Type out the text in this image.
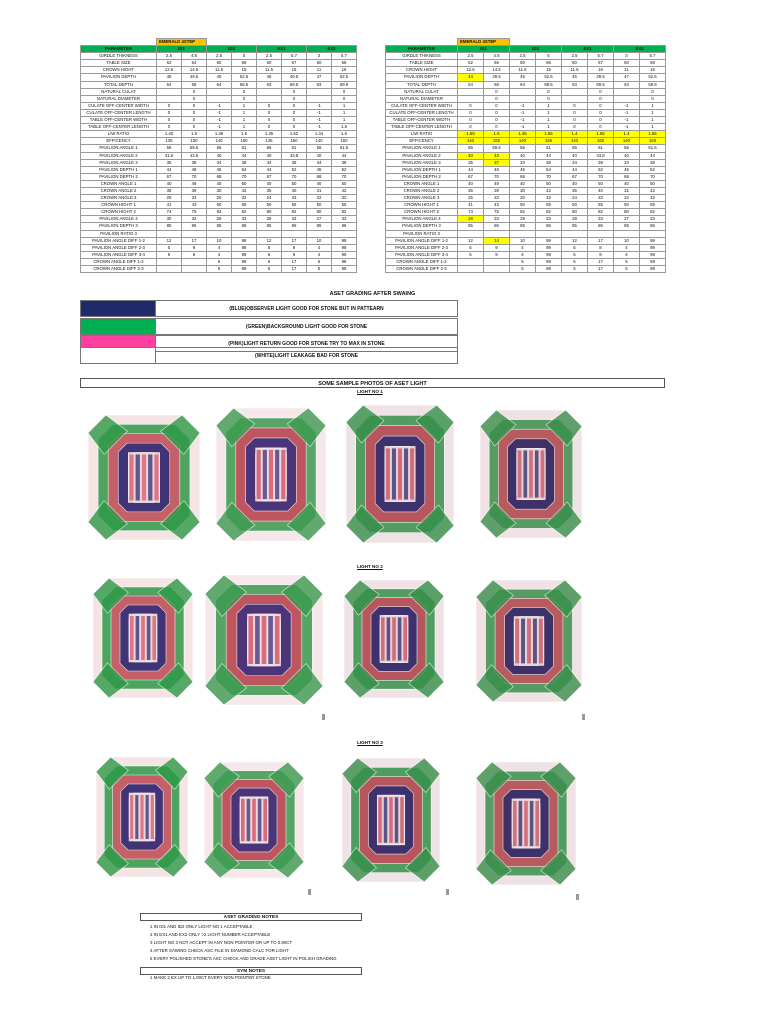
	EMERALD 4STEP							
PARAMETER	ID1		ID2		EX1		EX2	
GIRDLE THIKNESS	2.5	4.5	2.5	5	2.5	5.7	3	5.7
TABLE SIZE	62	64	60	66	60	67	60	68
CROWN HIGHT	12.5	14.5	11.5	15	11.5	16	11	16
PAVILION DEPTH	45	49.5	45	52.5	45	49.5	47	52.5
TOTAL DEPTH	64	68	64	68.5	63	69.5	63	69.9
NATURAL CULAT		0		0		0		0
NATURAL DIAMETER		0		0		0		0
CULATE OFF-CENTER WIDTH	0	0	-1	1	0	0	-1	1
CULATE OFF-CENTER LENGTH	0	0	-1	1	0	0	-1	1
TABLE OFF-CENTER WIDTH	0	0	-1	1	0	0	-1	1
TABLE OFF-CENTER LENGTH	0	0	-1	1	0	0	-1	1.5
L\W RATIO	1.40	1.5	1.36	1.5	1.35	1.52	1.34	1.5
EFFICENCY	135	150	140	160	135	150	140	160
PAVILION ANGLE 1	56	59.5	56	61	56	61	56	61.5
PAVILION ANGLE 2	41.5	43.5	40	44	40	43.8	40	44
PAVILION ANGLE 3	35	38	34	38	34	38	34	38
PAVILION DEPTH 1	44	48	45	54	44	52	45	52
PAVILION DEPTH 2	67	70	68	70	67	70	68	70
CROWN ANGLE 1	40	49	40	50	40	50	40	50
CROWN ANGLE 2	35	39	30	42	35	40	31	42
CROWN ANGLE 3	25	33	20	32	24	33	22	32
CROWN HIGHT 1	41	43	50	55	50	55	50	55
CROWN HIGHT 2	74	75	82	82	80	82	80	82
PAVILION ANGLE 4	30	32	28	33	28	33	27	33
PAVILION DEPTH 3	85	86	85	86	85	86	85	86
PAVILION RATIO 3								
PAVILION ANGLE DIFF 1-2	12	17	10	98	12	17	10	98
PAVILION ANGLE DIFF 2-3	5	9	4	98	5	8	4	98
PAVILION ANGLE DIFF 3-4	5	9	4	99	5	9	4	99
CROWN ANGLE DIFF 1-2			5	99	5	17	5	98
CROWN ANGLE DIFF 2-3			5	99	5	17	5	98
	EMERALD 4STEP							
PARAMETER	ID1		ID2		EX1		EX2	
GIRDLE THIKNESS	2.5	4.5	2.5	5	2.5	5.7	3	5.7
TABLE SIZE	62	66	60	66	60	67	60	68
CROWN HIGHT	12.5	14.5	11.5	15	11.5	16	11	16
PAVILION DEPTH	44	49.5	45	52.5	45	49.5	47	52.5
TOTAL DEPTH	64	68	64	68.5	63	69.5	63	69.9
NATURAL CULAT		0		0		0		0
NATURAL DIAMETER		0		0		0		0
CULATE OFF-CENTER WIDTH	0	0	-1	1	0	0	-1	1
CULATE OFF-CENTER LENGTH	0	0	-1	1	0	0	-1	1
TABLE OFF-CENTER WIDTH	0	0	-1	1	0	0	-1	1
TABLE OFF-CENTER LENGTH	0	0	-1	1	0	0	-1	1
L\W RATIO	1.59	1.6	1.45	1.55	1.4	1.55	1.4	1.55
EFFICENCY	140	155	140	155	140	160	140	160
PAVILION ANGLE 1	56	59.5	56	61	56	61	56	61.5
PAVILION ANGLE 2	40	43	40	44	40	43.8	40	44
PAVILION ANGLE 3	35	37	34	38	34	38	34	38
PAVILION DEPTH 1	44	48	45	54	44	52	45	52
PAVILION DEPTH 2	67	70	68	70	67	70	68	70
CROWN ANGLE 1	40	49	40	50	40	50	40	50
CROWN ANGLE 2	35	39	30	42	35	40	31	42
CROWN ANGLE 3	25	33	20	32	24	33	22	32
CROWN HIGHT 1	41	43	50	55	50	55	50	55
CROWN HIGHT 2	74	75	82	82	80	82	80	82
PAVILION ANGLE 4	28	33	28	33	28	33	27	33
PAVILION DEPTH 3	85	86	85	86	85	86	85	86
PAVILION RATIO 3								
PAVILION ANGLE DIFF 1-2	12	14	10	99	12	17	10	99
PAVILION ANGLE DIFF 2-3	5	9	4	99	5	8	4	99
PAVILION ANGLE DIFF 3-4	5	9	4	99	5	9	4	99
CROWN ANGLE DIFF 1-2			5	99	5	17	5	98
CROWN ANGLE DIFF 2-3			5	99	5	17	5	98
ASET GRADING AFTER SWAING
(BLUE)OBSERVER LIGHT GOOD FOR STONE BUT IN PATTEARN
(GREEN)BACKGROUND LIGHT GOOD FOR STONE
(PINK)LIGHT RETURN GOOD FOR STONE TRY TO MAX IN STONE
(WHITE)LIGHT LEAKAGE BAD FOR STONE
SOME SAMPLE PHOTOS OF ASET LIGHT
LIGHT NO 1
LIGHT NO 2
LIGHT NO 3
ASET GRADING NOTES
1 IN ID1 AND ID2 ONLY LIGHT NO 1 ACCEPTABLE
2 IN EX1 AND EX2 ONLY >2 LIGHT NUMBER ACCEPTABLE
3 LIGHT NO 3 NOT ACCEPT IN ANY NON POINTER OR UP TO 0.90CT
4 AFTER SAWING CHECK ASC FILE IN DIAMOND CALC FOR LIGHT
5 EVERY POLISHED STONE'S ASC CHECK AND GRADE ASET LIGHT IN POLISH GRADING
SYM NOTES
1 MAKE 2 EX UP TO 1.00CT EVERY NON POINTER STONE
